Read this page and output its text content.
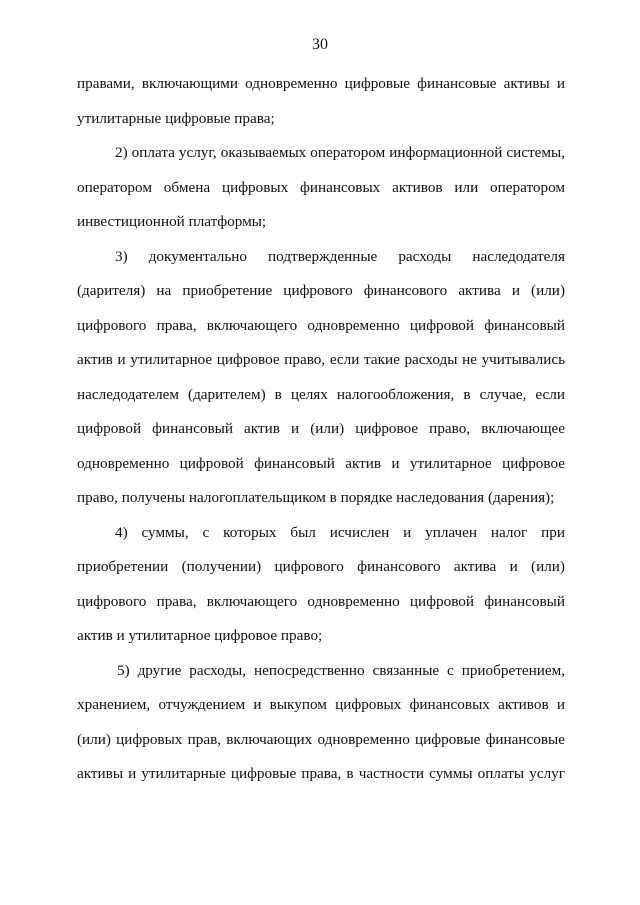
30
правами, включающими одновременно цифровые финансовые активы и
утилитарные цифровые права;
2) оплата услуг, оказываемых оператором информационной системы,
оператором обмена цифровых финансовых активов или оператором
инвестиционной платформы;
3) документально подтвержденные расходы наследодателя
(дарителя) на приобретение цифрового финансового актива и (или)
цифрового права, включающего одновременно цифровой финансовый
актив и утилитарное цифровое право, если такие расходы не учитывались
наследодателем (дарителем) в целях налогообложения, в случае, если
цифровой финансовый актив и (или) цифровое право, включающее
одновременно цифровой финансовый актив и утилитарное цифровое
право, получены налогоплательщиком в порядке наследования (дарения);
4) суммы, с которых был исчислен и уплачен налог при
приобретении (получении) цифрового финансового актива и (или)
цифрового права, включающего одновременно цифровой финансовый
актив и утилитарное цифровое право;
5) другие расходы, непосредственно связанные с приобретением,
хранением, отчуждением и выкупом цифровых финансовых активов и
(или) цифровых прав, включающих одновременно цифровые финансовые
активы и утилитарные цифровые права, в частности суммы оплаты услуг
